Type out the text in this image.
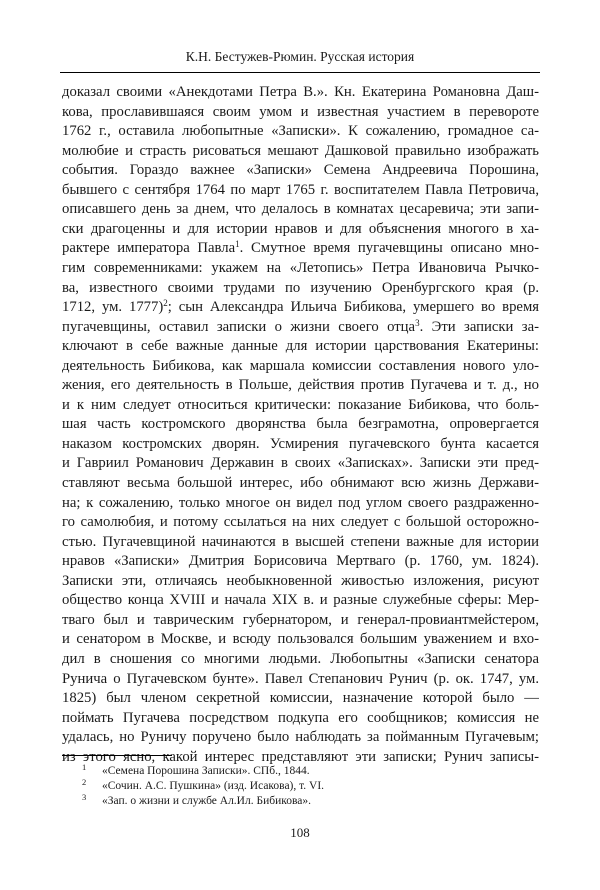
К.Н. Бестужев-Рюмин. Русская история
доказал своими «Анекдотами Петра В.». Кн. Екатерина Романовна Даш-
кова, прославившаяся своим умом и известная участием в перевороте
1762 г., оставила любопытные «Записки». К сожалению, громадное са-
молюбие и страсть рисоваться мешают Дашковой правильно изображать
события. Гораздо важнее «Записки» Семена Андреевича Порошина,
бывшего с сентября 1764 по март 1765 г. воспитателем Павла Петровича,
описавшего день за днем, что делалось в комнатах цесаревича; эти запи-
ски драгоценны и для истории нравов и для объяснения многого в ха-
рактере императора Павла$^1$. Смутное время пугачевщины описано мно-
гим современниками: укажем на «Летопись» Петра Ивановича Рычко-
ва, известного своими трудами по изучению Оренбургского края (р.
1712, ум. 1777)$^2$; сын Александра Ильича Бибикова, умершего во время
пугачевщины, оставил записки о жизни своего отца$^3$. Эти записки за-
ключают в себе важные данные для истории царствования Екатерины:
деятельность Бибикова, как маршала комиссии составления нового уло-
жения, его деятельность в Польше, действия против Пугачева и т. д., но
и к ним следует относиться критически: показание Бибикова, что боль-
шая часть костромского дворянства была безграмотна, опровергается
наказом костромских дворян. Усмирения пугачевского бунта касается
и Гавриил Романович Державин в своих «Записках». Записки эти пред-
ставляют весьма большой интерес, ибо обнимают всю жизнь Держави-
на; к сожалению, только многое он видел под углом своего раздраженно-
го самолюбия, и потому ссылаться на них следует с большой осторожно-
стью. Пугачевщиной начинаются в высшей степени важные для истории
нравов «Записки» Дмитрия Борисовича Мертваго (р. 1760, ум. 1824).
Записки эти, отличаясь необыкновенной живостью изложения, рисуют
общество конца XVIII и начала XIX в. и разные служебные сферы: Мер-
тваго был и таврическим губернатором, и генерал-провиантмейстером,
и сенатором в Москве, и всюду пользовался большим уважением и вхо-
дил в сношения со многими людьми. Любопытны «Записки сенатора
Рунича о Пугачевском бунте». Павел Степанович Рунич (р. ок. 1747, ум.
1825) был членом секретной комиссии, назначение которой было —
поймать Пугачева посредством подкупа его сообщников; комиссия не
удалась, но Руничу поручено было наблюдать за пойманным Пугачевым;
из этого ясно, какой интерес представляют эти записки; Рунич записы-
1 «Семена Порошина Записки». СПб., 1844.
2 «Сочин. А.С. Пушкина» (изд. Исакова), т. VI.
3 «Зап. о жизни и службе Ал.Ил. Бибикова».
108
